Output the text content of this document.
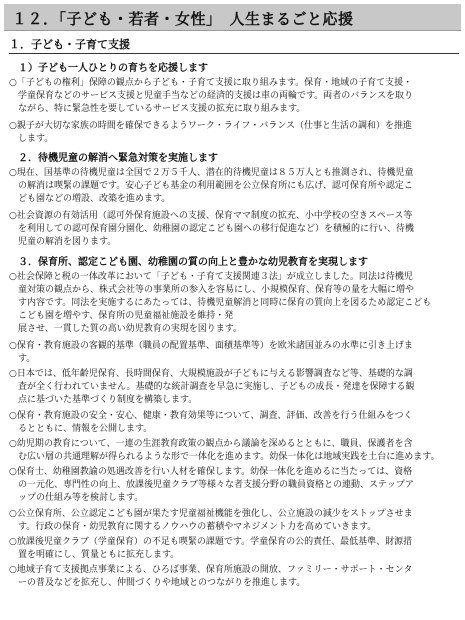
１２．「子ども・若者・女性」　人生まるごと応援
１．子ども・子育て支援
１）子ども一人ひとりの育ちを応援します
○「子どもの権利」保障の観点から子ども・子育て支援に取り組みます。保育・地域の子育て支援・
学童保育などのサービス支援と児童手当などの経済的支援は車の両輪です。両者のバランスを取り
ながら、特に緊急性を要しているサービス支援の拡充に取り組みます。
○親子が大切な家族の時間を確保できるようワーク・ライフ・バランス（仕事と生活の調和）を推進
します。
２．待機児童の解消へ緊急対策を実施します
○現在、国基準の待機児童は全国で２万５千人、潜在的待機児童は８５万人とも推測され、待機児童
の解消は喫緊の課題です。安心子ども基金の利用範囲を公立保育所にも広げ、認可保育所や認定こ
ども園などの増設、改築を進めます。
○社会資源の有効活用（認可外保育施設への支援、保育ママ制度の拡充、小中学校の空きスペース等
を利用しての認可保育園分園化、幼稚園の認定こども園への移行促進など）を積極的に行い、待機
児童の解消を図ります。
３．保育所、認定こども園、幼稚園の質の向上と豊かな幼児教育を実現します
○社会保障と税の一体改革において「子ども・子育て支援関連３法」が成立しました。同法は待機児
童対策の観点から、株式会社等の事業所の参入を容易にし、小規模保育、保育等の量を大幅に増や
す内容です。同法を実施するにあたっては、待機児童解消と同時に保育の質向上を図るため認定こども
こども園を増やす、保育所の児童福祉施設を維持・発
展させ、一貫した質の高い幼児教育の実現を図ります。
○保育・教育施設の客観的基準（職員の配置基準、面積基準等）を欧米諸国並みの水準に引き上げま
す。
○日本では、低年齢児保育、長時間保育、大規模施設が子どもに与える影響調査など等、基礎的な調
査が全く行われていません。基礎的な統計調査を早急に実施し、子どもの成長・発達を保障する観
点に基づいた基準づくり制度を構築します。
○保育・教育施設の安全・安心、健康・教育効果等について、調査、評価、改善を行う仕組みをつく
るとともに、情報を公開します。
○幼児期の教育について、一連の生涯教育政策の観点から議論を深めるとともに、職員、保護者を含
む広い層の共通理解が得られるような形で一体化を進めます。幼保一体化は地域実践を土台に進めます。
○保育士、幼稚園教諭の処遇改善を行い人材を確保します。幼保一体化を進めるに当たっては、資格
の一元化、専門性の向上、放課後児童クラブ等様々な者支援分野の職員資格との連動、ステップア
ップの仕組み等を検討します。
○公立保育所、公立認定こども園が果たす児童福祉機能を強化し、公立施設の減少をストップさせま
す。行政の保育・幼児教育に関するノウハウの蓄積やマネジメント力を高めていきます。
○放課後児童クラブ（学童保育）の不足も喫緊の課題です。学童保育の公的責任、最低基準、財源措
置を明確にし、質量ともに拡充します。
○地域子育て支援拠点事業による、ひろば事業、保育所施設の開放、ファミリー・サポート・センタ
ーの普及などを拡充し、仲間づくりや地域とのつながりを推進します。
